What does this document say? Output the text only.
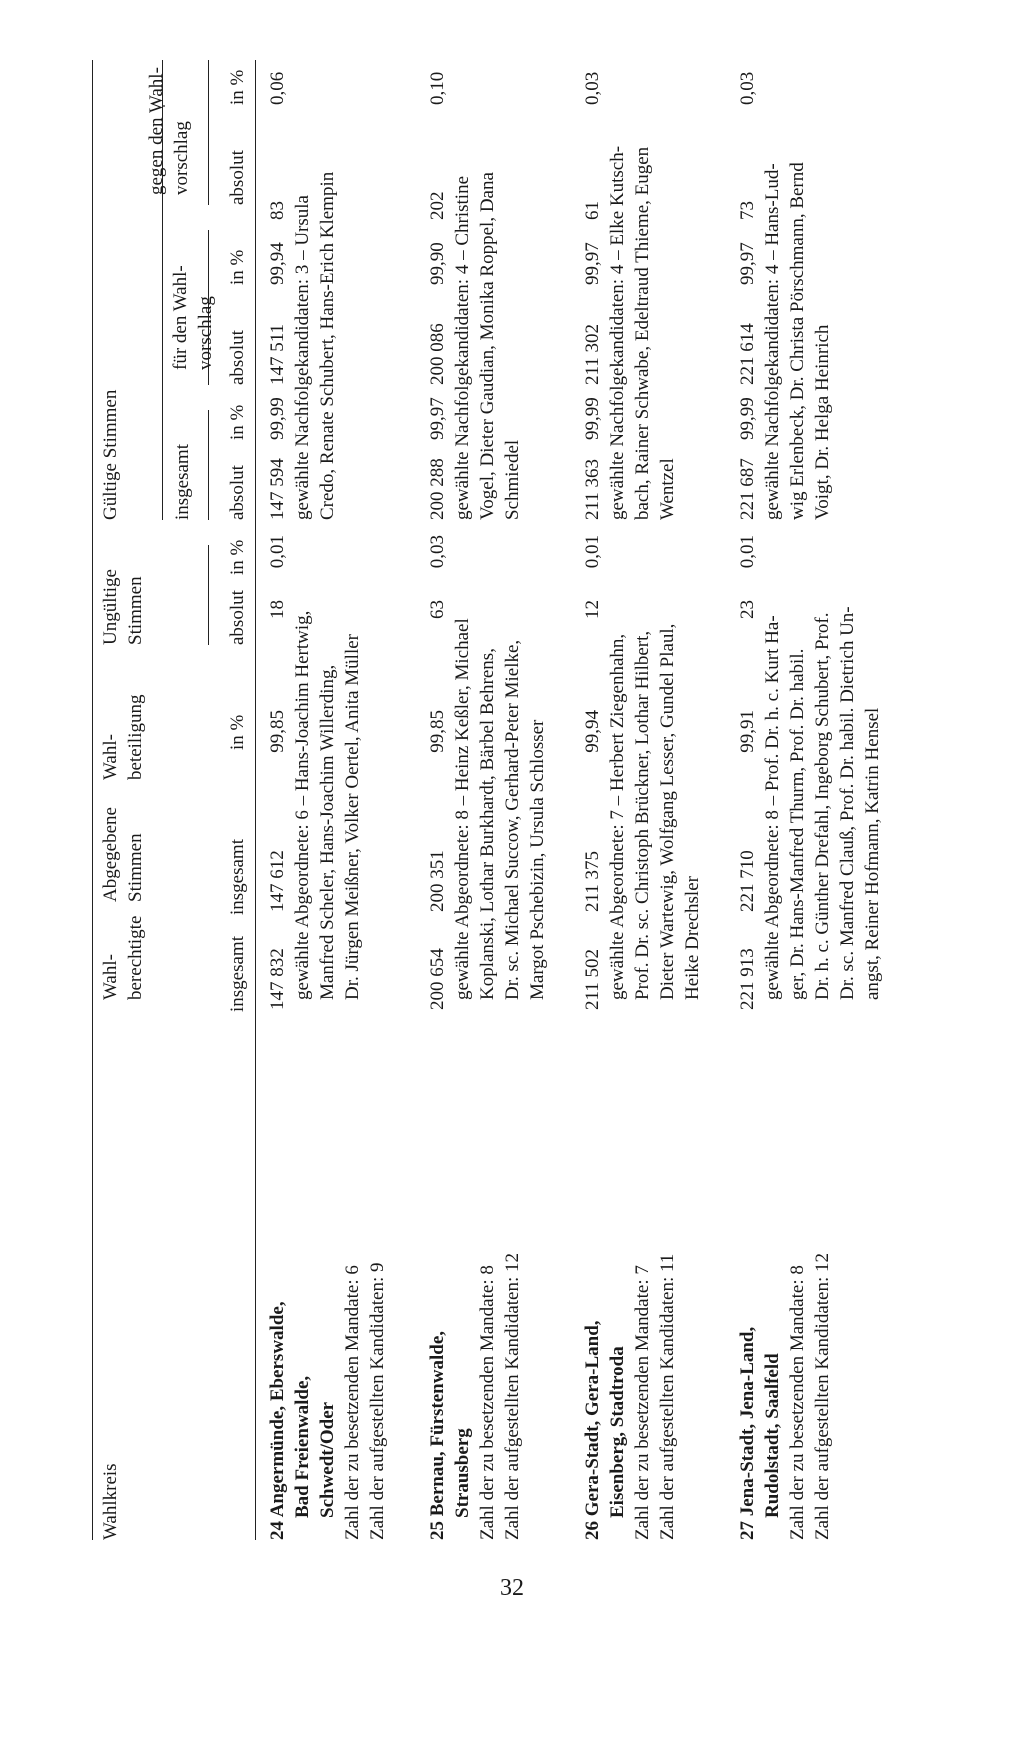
Wahlkreis
Wahl- berechtigte
Abgegebene Stimmen
Wahl- beteiligung
Ungültige Stimmen
Gültige Stimmen	insgesamt
für den Wahl- vorschlag
gegen den Wahl- vorschlag
insgesamt
insgesamt
in %
absolut
in %
absolut
in %
absolut
in %
absolut
in %
24 Angermünde, Eberswalde, Bad Freienwalde, Schwedt/Oder Zahl der zu besetzenden Mandate: 6 Zahl der aufgestellten Kandidaten: 9
147 832
147 612
99,85
18
0,01
147 594
99,99
147 511
99,94
83
0,06
gewählte Abgeordnete: 6 – Hans-Joachim Hertwig, Manfred Scheler, Hans-Joachim Willerding, Dr. Jürgen Meißner, Volker Oertel, Anita Müller
gewählte Nachfolgekandidaten: 3 – Ursula Credo, Renate Schubert, Hans-Erich Klempin
25 Bernau, Fürstenwalde, Strausberg Zahl der zu besetzenden Mandate: 8 Zahl der aufgestellten Kandidaten: 12
200 654
200 351
99,85
63
0,03
200 288
99,97
200 086
99,90
202
0,10
gewählte Abgeordnete: 8 – Heinz Keßler, Michael Koplanski, Lothar Burkhardt, Bärbel Behrens, Dr. sc. Michael Succow, Gerhard-Peter Mielke, Margot Pschebizin, Ursula Schlosser
gewählte Nachfolgekandidaten: 4 – Christine Vogel, Dieter Gaudian, Monika Roppel, Dana Schmiedel
26 Gera-Stadt, Gera-Land, Eisenberg, Stadtroda Zahl der zu besetzenden Mandate: 7 Zahl der aufgestellten Kandidaten: 11
211 502
211 375
99,94
12
0,01
211 363
99,99
211 302
99,97
61
0,03
gewählte Abgeordnete: 7 – Herbert Ziegenhahn, Prof. Dr. sc. Christoph Brückner, Lothar Hilbert, Dieter Wartewig, Wolfgang Lesser, Gundel Plaul, Heike Drechsler
gewählte Nachfolgekandidaten: 4 – Elke Kutsch- bach, Rainer Schwabe, Edeltraud Thieme, Eugen Wentzel
27 Jena-Stadt, Jena-Land, Rudolstadt, Saalfeld Zahl der zu besetzenden Mandate: 8 Zahl der aufgestellten Kandidaten: 12
221 913
221 710
99,91
23
0,01
221 687
99,99
221 614
99,97
73
0,03
gewählte Abgeordnete: 8 – Prof. Dr. h. c. Kurt Ha- ger, Dr. Hans-Manfred Thurm, Prof. Dr. habil. Dr. h. c. Günther Drefahl, Ingeborg Schubert, Prof. Dr. sc. Manfred Clauß, Prof. Dr. habil. Dietrich Un- angst, Reiner Hofmann, Katrin Hensel
gewählte Nachfolgekandidaten: 4 – Hans-Lud- wig Erlenbeck, Dr. Christa Pörschmann, Bernd Voigt, Dr. Helga Heinrich
32
